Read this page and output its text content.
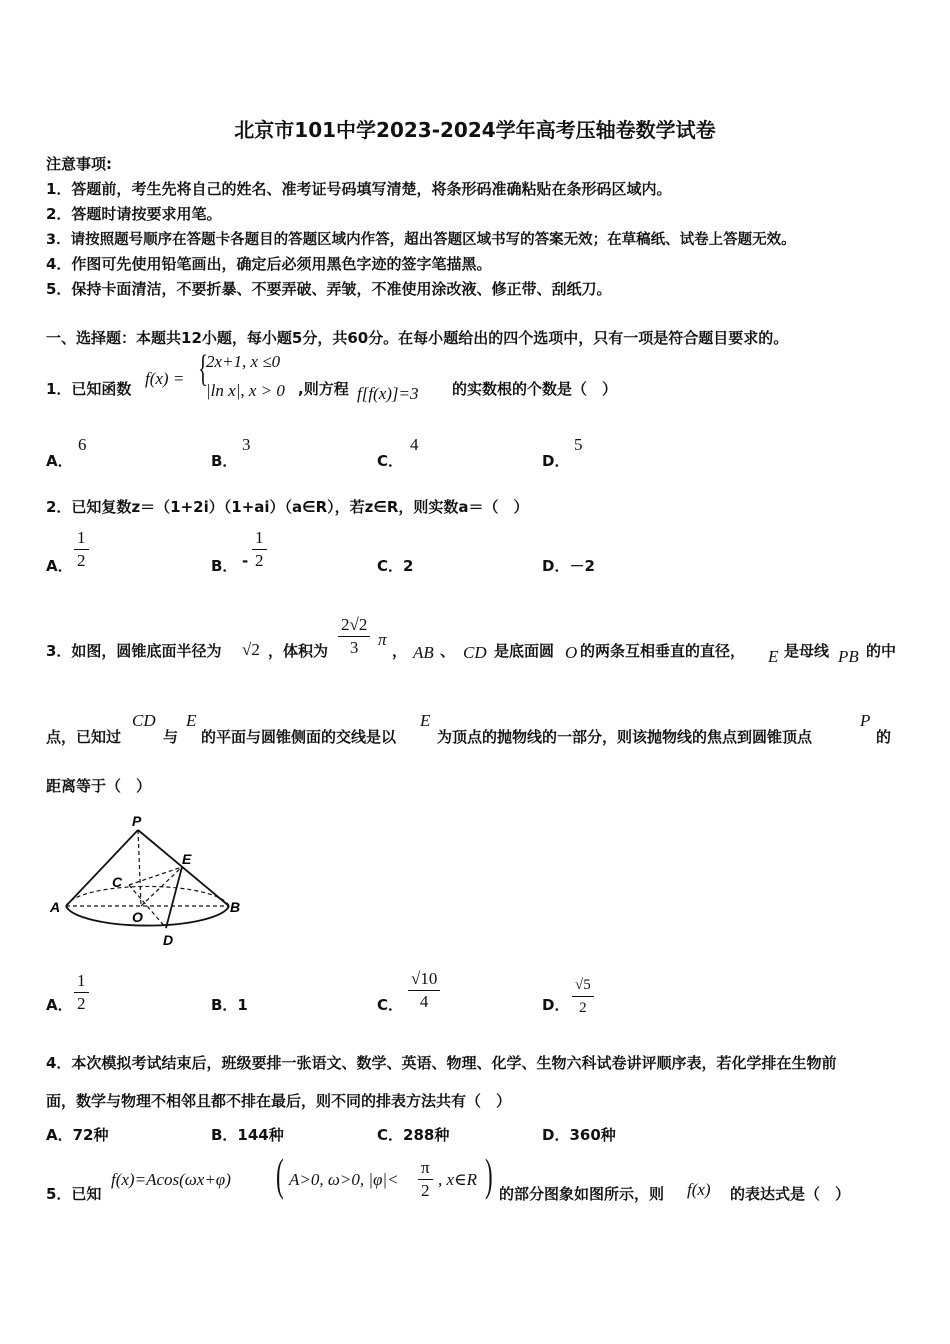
北京市101中学2023-2024学年高考压轴卷数学试卷
注意事项:
1．答题前，考生先将自己的姓名、准考证号码填写清楚，将条形码准确粘贴在条形码区域内。
2．答题时请按要求用笔。
3．请按照题号顺序在答题卡各题目的答题区域内作答，超出答题区域书写的答案无效；在草稿纸、试卷上答题无效。
4．作图可先使用铅笔画出，确定后必须用黑色字迹的签字笔描黑。
5．保持卡面清洁，不要折暴、不要弄破、弄皱，不准使用涂改液、修正带、刮纸刀。
一、选择题：本题共12小题，每小题5分，共60分。在每小题给出的四个选项中，只有一项是符合题目要求的。
1．已知函数
f(x) = {
2x+1, x ≤0
|ln x|, x > 0 ,则方程 f[f(x)]=3 的实数根的个数是（　）
A．
6
B．
3
C．
4
D．
5
2．已知复数z＝（1+2i）（1+ai）（a∈R），若z∈R，则实数a＝（　）
A． $\frac{1}{2}$	B． - $\frac{1}{2}$	C．2	D．－2
3．如图，圆锥底面半径为 √2 ，体积为 $\frac{2√2}{3}$ π
， AB 、 CD 是底面圆 O 的两条互相垂直的直径， E 是母线 PB 的中
点，已知过
CD
与
E
的平面与圆锥侧面的交线是以
E
为顶点的抛物线的一部分，则该抛物线的焦点到圆锥顶点
P
的
距离等于（　）
P
E
C
A
O
B
D
A． $\frac{1}{2}$	B．1	C． $\frac{√10}{4}$	D． $\frac{√5}{2}$
4．本次模拟考试结束后，班级要排一张语文、数学、英语、物理、化学、生物六科试卷讲评顺序表，若化学排在生物前
面，数学与物理不相邻且都不排在最后，则不同的排表方法共有（　）
A．72种	B．144种	C．288种	D．360种
5．已知
f(x)=Acos(ωx+φ) ( A>0, ω>0, $|\varphi|< \frac{\pi}{2}$ , x∈R ) 的部分图象如图所示，则 f(x) 的表达式是（　）
